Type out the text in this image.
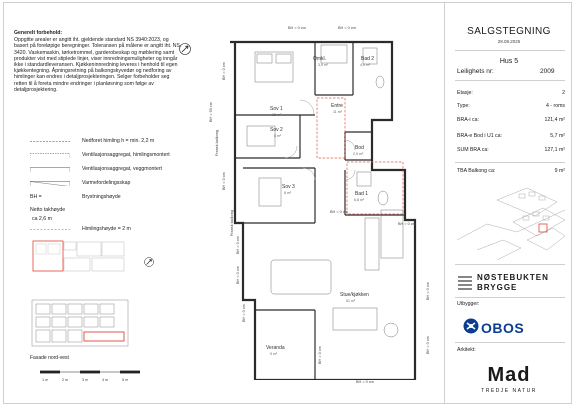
Generelt forbehold:

Oppgitte arealer er angitt iht. gjeldende standard NS 3940:2023, og basert på foreløpige beregninger. Toleransen på målene er angitt iht. NS 3420. Vaskemaskin, tørketrommel, garderobeskap og møblering samt produkter vist med stiplede linjer, viser innredningsmuligheter og inngår ikke i standardleveransen. Kjøkkeninnredning leveres i henhold til egen kjøkkentegning. Åpningsretning på balkongskyvedør og nedforing av himlinger kan endres i detaljprosjekteringen. Selger forbeholder seg retten til å foreta mindre endringer i planløsning som følge av detaljprosjektering.

Nedforet himling h = min. 2,2 m
Ventilasjonsaggregat, himlingsmontert
Ventilasjonsaggregat, veggmontert
Varmefordelingsskap
BH =	Brystningshøyde
Netto takhøyde
ca 2,6 m
Himlingshøyde = 2 m
Fasade nord-vest
1 m	2 m	3 m	4 m	5 m
Omkl.
3,9 m²
Bad 2
4,9 m²
Sov 1
15 m²
Entre
11 m²
Sov 2
8 m²
Bod
2,9 m²
Sov 3
8 m²	Bad 1
6,8 m²
Stue/kjøkken
51 m²
Veranda
9 m²
BH = 0 cm
BH = 90 cm
Fransk balkong
BH = 0 cm
Fransk balkong
BH = 0 cm
BH = 0 cm
BH = 0 cm
BH = 0 cm
BH = 0 cm
BH = 0 cm
BH = 0 cm	BH = 0 cm
BH = 0 cm
BH = 0 cm
BH = 0 cm
SALGSTEGNING
28.08.2025
Hus 5
Leilighets nr:	2009
Etasje:	2
Type:	4 - roms
BRA-i ca:	121,4 m²
BRA-e Bod i U1 ca:	5,7 m²
SUM BRA ca:	127,1 m²
TBA Balkong ca:	9 m²
NØSTEBUKTEN
BRYGGE
Utbygger:
OBOS
Arkitekt:
Mad
TREDJE NATUR
